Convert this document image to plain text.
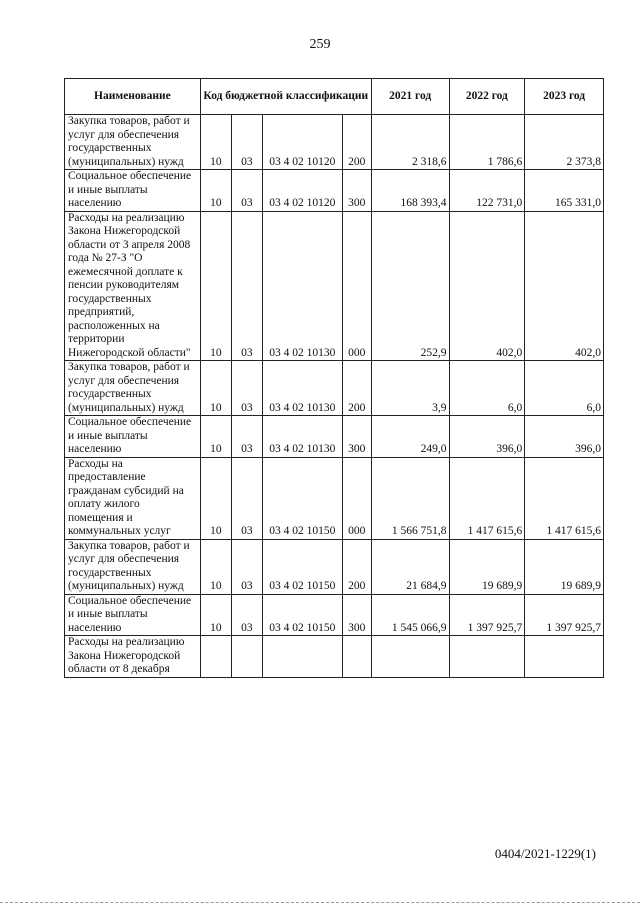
259
Наименование	Код бюджетной классификации				2021 год	2022 год	2023 год
Закупка товаров, работ и услуг для обеспечения государственных (муниципальных) нужд	10	03	03 4 02 10120	200	2 318,6	1 786,6	2 373,8
Социальное обеспечение и иные выплаты населению	10	03	03 4 02 10120	300	168 393,4	122 731,0	165 331,0
Расходы на реализацию Закона Нижегородской области от 3 апреля 2008 года № 27-З "О ежемесячной доплате к пенсии руководителям государственных предприятий, расположенных на территории Нижегородской области"	10	03	03 4 02 10130	000	252,9	402,0	402,0
Закупка товаров, работ и услуг для обеспечения государственных (муниципальных) нужд	10	03	03 4 02 10130	200	3,9	6,0	6,0
Социальное обеспечение и иные выплаты населению	10	03	03 4 02 10130	300	249,0	396,0	396,0
Расходы на предоставление гражданам субсидий на оплату жилого помещения и коммунальных услуг	10	03	03 4 02 10150	000	1 566 751,8	1 417 615,6	1 417 615,6
Закупка товаров, работ и услуг для обеспечения государственных (муниципальных) нужд	10	03	03 4 02 10150	200	21 684,9	19 689,9	19 689,9
Социальное обеспечение и иные выплаты населению	10	03	03 4 02 10150	300	1 545 066,9	1 397 925,7	1 397 925,7
Расходы на реализацию Закона Нижегородской области от 8 декабря							
0404/2021-1229(1)
